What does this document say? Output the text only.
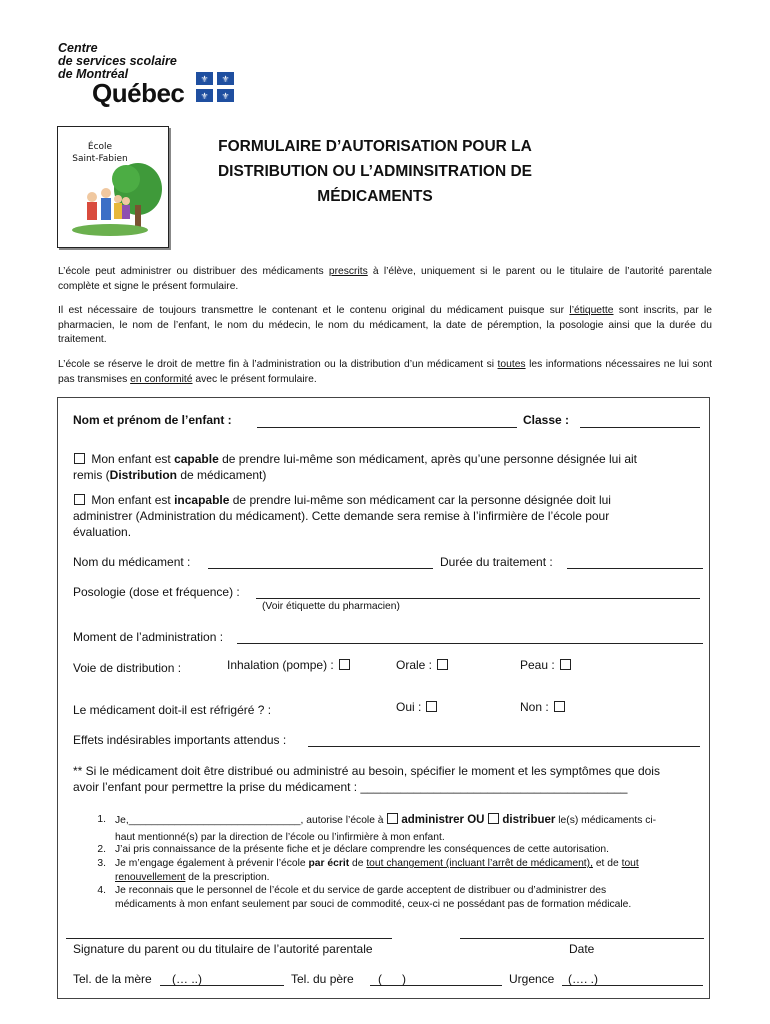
Centre
de services scolaire
de Montréal
Québec ⚜ ⚜
⚜ ⚜
École
Saint-Fabien
FORMULAIRE D’AUTORISATION POUR LA
DISTRIBUTION OU L’ADMINSITRATION DE
MÉDICAMENTS
L’école peut administrer ou distribuer des médicaments prescrits à l’élève, uniquement si le parent ou le titulaire de l’autorité parentale complète et signe le présent formulaire.
Il est nécessaire de toujours transmettre le contenant et le contenu original du médicament puisque sur l’étiquette sont inscrits, par le pharmacien, le nom de l’enfant, le nom du médecin, le nom du médicament, la date de péremption, la posologie ainsi que la durée du traitement.
L’école se réserve le droit de mettre fin à l’administration ou la distribution d’un médicament si toutes les informations nécessaires ne lui sont pas transmises en conformité avec le présent formulaire.
Nom et prénom de l’enfant :	Classe :
Mon enfant est capable de prendre lui-même son médicament, après qu’une personne désignée lui ait
remis (Distribution de médicament)
Mon enfant est incapable de prendre lui-même son médicament car la personne désignée doit lui
administrer (Administration du médicament). Cette demande sera remise à l’infirmière de l’école pour
évaluation.
Nom du médicament :	Durée du traitement :
Posologie (dose et fréquence) :
(Voir étiquette du pharmacien)
Moment de l’administration :
Voie de distribution :	Inhalation (pompe) :	Orale :	Peau :
Le médicament doit-il est réfrigéré ? :	Oui :	Non :
Effets indésirables importants attendus :
** Si le médicament doit être distribué ou administré au besoin, spécifier le moment et les symptômes que dois
avoir l’enfant pour permettre la prise du médicament : ________________________________________
1. Je,______________________________, autorise l’école à administrer OU distribuer le(s) médicaments ci-
haut mentionné(s) par la direction de l’école ou l’infirmière à mon enfant.
2. J’ai pris connaissance de la présente fiche et je déclare comprendre les conséquences de cette autorisation.
3. Je m’engage également à prévenir l’école par écrit de tout changement (incluant l’arrêt de médicament), et de tout
renouvellement de la prescription.
4. Je reconnais que le personnel de l’école et du service de garde acceptent de distribuer ou d’administrer des
médicaments à mon enfant seulement par souci de commodité, ceux-ci ne possédant pas de formation médicale.
Signature du parent ou du titulaire de l’autorité parentale	Date
Tel. de la mère (… ..)	Tel. du père (      )	Urgence (…. .)
